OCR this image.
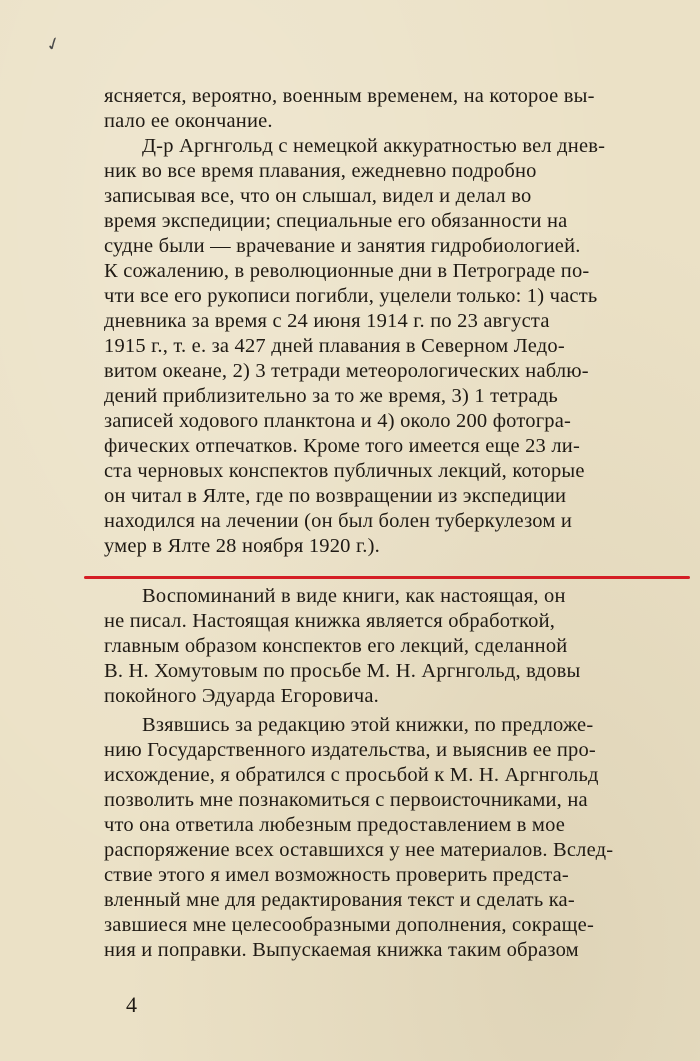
✓
ясняется, вероятно, военным временем, на которое вы-
пало ее окончание.
Д-р Аргнгольд с немецкой аккуратностью вел днев-
ник во все время плавания, ежедневно подробно
записывая все, что он слышал, видел и делал во
время экспедиции; специальные его обязанности на
судне были — врачевание и занятия гидробиологией.
К сожалению, в революционные дни в Петрограде по-
чти все его рукописи погибли, уцелели только: 1) часть
дневника за время с 24 июня 1914 г. по 23 августа
1915 г., т. е. за 427 дней плавания в Северном Ледо-
витом океане, 2) 3 тетради метеорологических наблю-
дений приблизительно за то же время, 3) 1 тетрадь
записей ходового планктона и 4) около 200 фотогра-
фических отпечатков. Кроме того имеется еще 23 ли-
ста черновых конспектов публичных лекций, которые
он читал в Ялте, где по возвращении из экспедиции
находился на лечении (он был болен туберкулезом и
умер в Ялте 28 ноября 1920 г.).
Воспоминаний в виде книги, как настоящая, он
не писал. Настоящая книжка является обработкой,
главным образом конспектов его лекций, сделанной
В. Н. Хомутовым по просьбе М. Н. Аргнгольд, вдовы
покойного Эдуарда Егоровича.
Взявшись за редакцию этой книжки, по предложе-
нию Государственного издательства, и выяснив ее про-
исхождение, я обратился с просьбой к М. Н. Аргнгольд
позволить мне познакомиться с первоисточниками, на
что она ответила любезным предоставлением в мое
распоряжение всех оставшихся у нее материалов. Вслед-
ствие этого я имел возможность проверить предста-
вленный мне для редактирования текст и сделать ка-
завшиеся мне целесообразными дополнения, сокраще-
ния и поправки. Выпускаемая книжка таким образом
4
